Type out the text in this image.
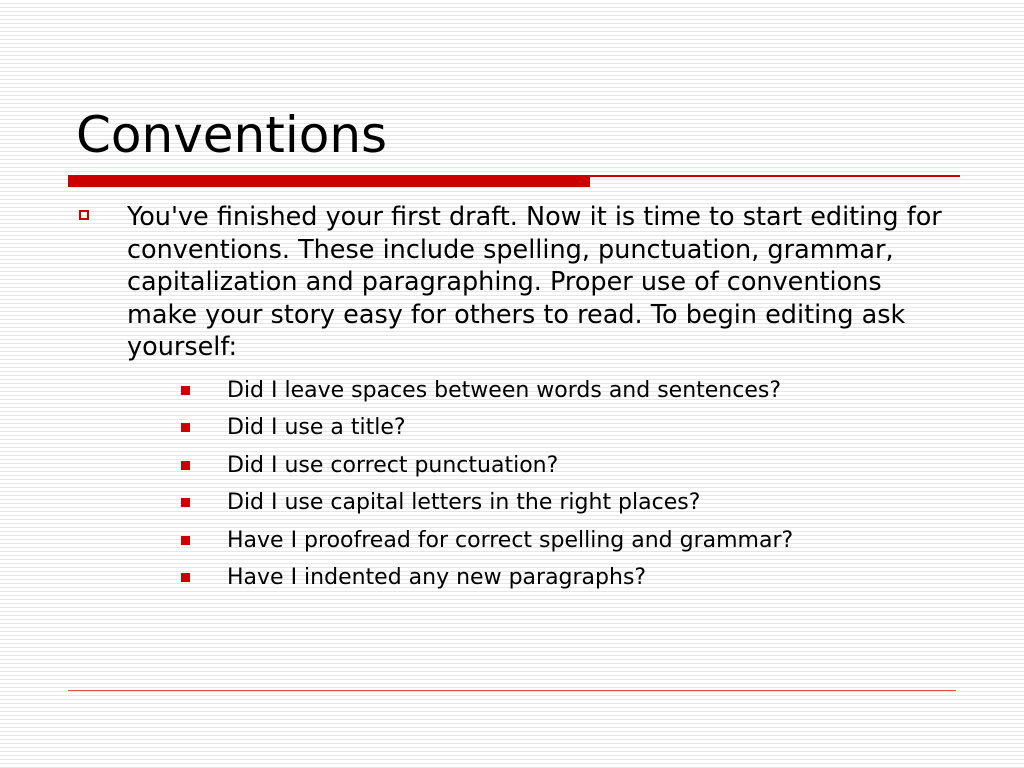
Conventions

You've finished your first draft. Now it is time to start editing for conventions. These include spelling, punctuation, grammar, capitalization and paragraphing. Proper use of conventions make your story easy for others to read. To begin editing ask yourself:

Did I leave spaces between words and sentences?
Did I use a title?
Did I use correct punctuation?
Did I use capital letters in the right places?
Have I proofread for correct spelling and grammar?
Have I indented any new paragraphs?
